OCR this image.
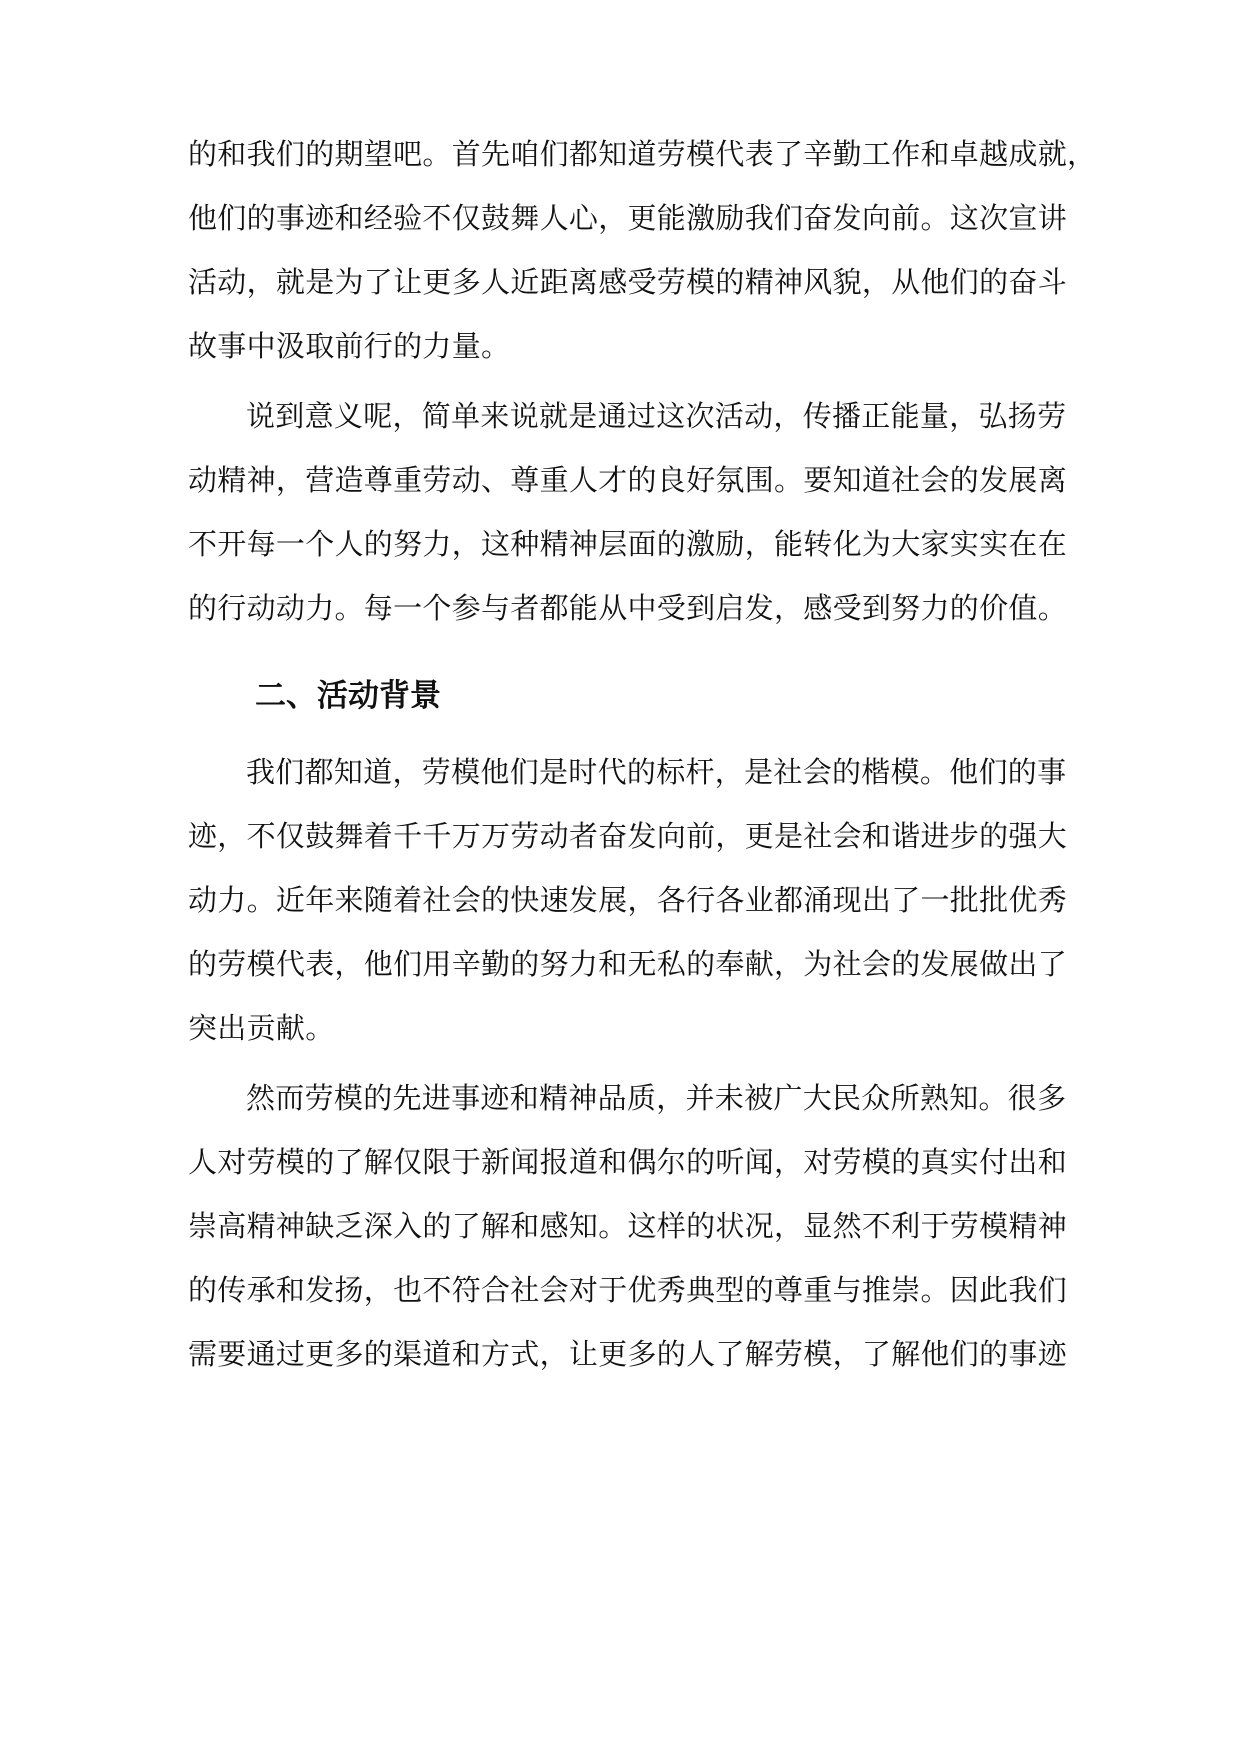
的和我们的期望吧。首先咱们都知道劳模代表了辛勤工作和卓越成就，
他们的事迹和经验不仅鼓舞人心，更能激励我们奋发向前。这次宣讲
活动，就是为了让更多人近距离感受劳模的精神风貌，从他们的奋斗
故事中汲取前行的力量。
说到意义呢，简单来说就是通过这次活动，传播正能量，弘扬劳
动精神，营造尊重劳动、尊重人才的良好氛围。要知道社会的发展离
不开每一个人的努力，这种精神层面的激励，能转化为大家实实在在
的行动动力。每一个参与者都能从中受到启发，感受到努力的价值。
二、活动背景
我们都知道，劳模他们是时代的标杆，是社会的楷模。他们的事
迹，不仅鼓舞着千千万万劳动者奋发向前，更是社会和谐进步的强大
动力。近年来随着社会的快速发展，各行各业都涌现出了一批批优秀
的劳模代表，他们用辛勤的努力和无私的奉献，为社会的发展做出了
突出贡献。
然而劳模的先进事迹和精神品质，并未被广大民众所熟知。很多
人对劳模的了解仅限于新闻报道和偶尔的听闻，对劳模的真实付出和
崇高精神缺乏深入的了解和感知。这样的状况，显然不利于劳模精神
的传承和发扬，也不符合社会对于优秀典型的尊重与推崇。因此我们
需要通过更多的渠道和方式，让更多的人了解劳模，了解他们的事迹
